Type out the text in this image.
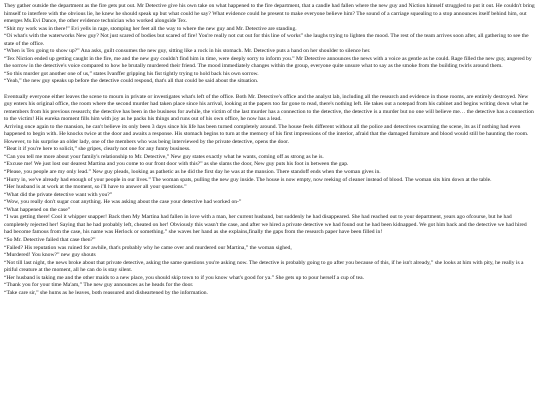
They gather outside the department as the fire gets put out. Mr Detective give his own take on what happened to the fire department, that a candle had fallen where the new guy and Niction himself struggled to put it out. He couldn't bring himself to interfere with the obvious lie, he knew he should speak up but what could he say? What evidence could he present to make everyone believe him? The sound of a carriage squealing to a stop announces itself behind him, out emerges Ms.Evi Dance, the other evidence technician who worked alongside Tex.
“Shit my work was in there!” Evi yells in rage, stomping her feet all the way to where the new guy and Mr. Detective are standing.
“Oi what's with the waterworks New guy? Not just scared of bodies but scared of fire! You're really not cut out for this line of works” she laughs trying to lighten the mood. The rest of the team arrives soon after, all gathering to see the state of the office.
“When is Tex going to show up?” Ana asks, guilt consumes the new guy, sitting like a rock in his stomach. Mr. Detective puts a hand on her shoulder to silence her.
“Tex Niction ended up getting caught in the fire, me and the new guy couldn't find him in time, were deeply sorry to inform you.” Mr Detective announces the news with a voice as gentle as he could. Rage filled the new guy, angered by the sorrow in the detective's voice compared to how he brutally murdered their friend. The mood immediately changes within the group, everyone quite unsure what to say as the smoke from the building twirls around them.
“So this murder got another one of us,” states Ivanffer gripping his fist tightly trying to hold back his own sorrow.
“Yeah,” the new guy speaks up before the detective could respond, that's all that could be said about the situation.
Eventually everyone either leaves the scene to mourn in private or investigates what's left of the office. Both Mr. Detective's office and the analyst lab, including all the research and evidence in those rooms, are entirely destroyed. New guy enters his original office, the room where the second murder had taken place since his arrival, looking at the papers too far gone to read, there's nothing left. He takes out a notepad from his cabinet and begins writing down what he remembers from his previous research; the detective has been in the business for awhile, the victim of the last murder has a connection to the detective, the detective is a murder but no one will believe me… the detective has a connection to the victim! His eureka moment fills him with joy as he packs his things and runs out of his own office, he now has a lead.
Arriving once again to the mansion, he can't believe its only been 3 days since his life has been turned completely around. The house feels different without all the police and detectives swarming the scene, its as if nothing had even happened to begin with. He knocks twice at the door and awaits a response. His stomach begins to turn at the memory of his first impressions of the interior, afraid that the damaged furniture and blood would still be haunting the room. However, to his surprise an older lady, one of the members who was being interviewed by the private detective, opens the door.
“Beat it if you're here to solicit,” she gripes, clearly not one for any funny business.
“Can you tell me more about your family's relationship to Mr. Detective,” New guy states exactly what he wants, coming off as strong as he is.
“Excuse me! We just lost our dearest Martina and you come to our front door with this?” as she slams the door, New guy puts his foot in between the gap.
“Please, you people are my only lead.” New guy pleads, looking as pathetic as he did the first day he was at the mansion. There standoff ends when the woman gives in.
“Hurry in, we've already had enough of your people in our lives.” The woman spats, pulling the new guy inside. The house is now empty, now reeking of cleaner instead of blood. The woman sits him down at the table.
“Her husband is at work at the moment, so i'll have to answer all your questions.”
“What did the private detective want with you?”
“Wow, you really don't sugar coat anything. He was asking about the case your detective had worked on-”
“What happened on the case”
“I was getting there! Cool it whipper snapper! Back then My Martina had fallen in love with a man, her current husband, but suddenly he had disappeared. She had reached out to your department, years ago ofcourse, but he had completely rejected her! Saying that he had probably left, cheated on her! Obviously this wasn't the case, and after we hired a private detective we had found out he had been kidnapped. We got him back and the detective we had hired had become famous from the case, his name was Herlock or something.” she waves her hand as she explains,finally the gaps from the research paper have been filled in!
“So Mr. Detective failed that case then?”
“Failed? His reputation was ruined for awhile, that's probably why he came over and murdered our Martina,” the woman sighed,
“Murdered! You know?” new guy shouts
“Not till last night, the news broke about that private detective, asking the same questions you're asking now. The detective is probably going to go after you because of this, if he isn't already,” she looks at him with pity, he really is a pitiful creature at the moment, all he can do is stay silent.
“Her husband is taking me and the other maids to a new place, you should skip town to if you know what's good for ya.” She gets up to pour herself a cup of tea.
“Thank you for your time Ma'am,” The new guy announces as he heads for the door.
“Take care sir,” she hums as he leaves, both reassured and disheartened by the information.
